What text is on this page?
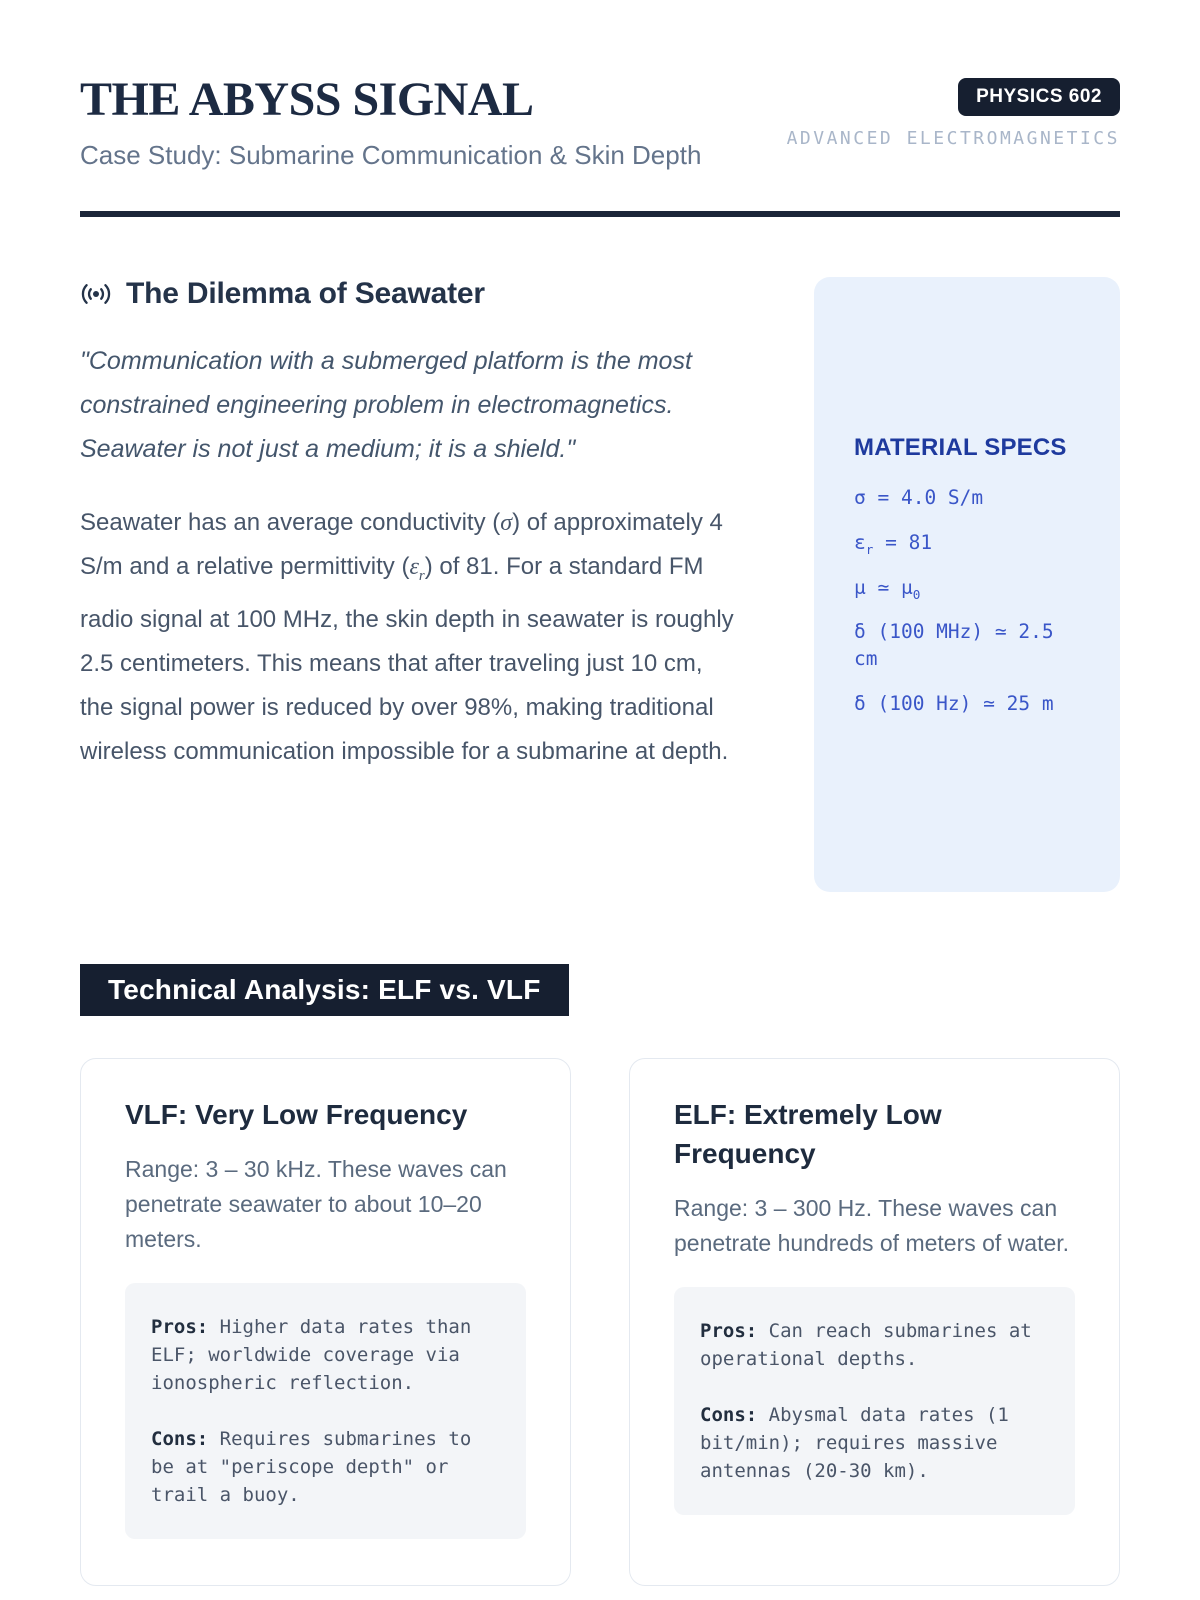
THE ABYSS SIGNAL

Case Study: Submarine Communication & Skin Depth

PHYSICS 602
ADVANCED ELECTROMAGNETICS
The Dilemma of Seawater

"Communication with a submerged platform is the most constrained engineering problem in electromagnetics. Seawater is not just a medium; it is a shield."

Seawater has an average conductivity (σ) of approximately 4 S/m and a relative permittivity $(\varepsilon_r)$ of 81. For a standard FM radio signal at 100 MHz, the skin depth in seawater is roughly 2.5 centimeters. This means that after traveling just 10 cm, the signal power is reduced by over 98%, making traditional wireless communication impossible for a submarine at depth.

MATERIAL SPECS

σ = 4.0 S/m

$\varepsilon_r = 81$

μ ≃ $\mu_0$

δ (100 MHz) ≃ 2.5 cm

δ (100 Hz) ≃ 25 m

Technical Analysis: ELF vs. VLF
VLF: Very Low Frequency

Range: 3 – 30 kHz. These waves can penetrate seawater to about 10–20 meters.

Pros: Higher data rates than ELF; worldwide coverage via ionospheric reflection.

Cons: Requires submarines to be at "periscope depth" or trail a buoy.

ELF: Extremely Low Frequency

Range: 3 – 300 Hz. These waves can penetrate hundreds of meters of water.

Pros: Can reach submarines at operational depths.

Cons: Abysmal data rates (1 bit/min); requires massive antennas (20-30 km).
